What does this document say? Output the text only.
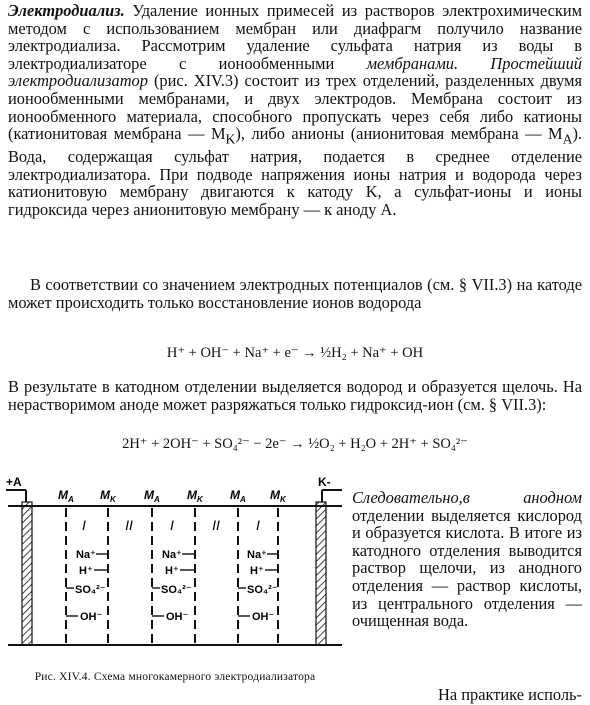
Электродиализ. Удаление ионных примесей из растворов электрохимическим методом с использованием мембран или диафрагм получило название электродиализа. Рассмотрим удаление сульфата натрия из воды в электродиализаторе с ионообменными мембранами. Простейший электродиализатор (рис. XIV.3) состоит из трех отделений, разделенных двумя ионообменными мембранами, и двух электродов. Мембрана состоит из ионообменного материала, способного пропускать через себя либо катионы (катионитовая мембрана — $M_K$), либо анионы (анионитовая мембрана — $M_A$). Вода, содержащая сульфат натрия, подается в среднее отделение электродиализатора. При подводе напряжения ионы натрия и водорода через катионитовую мембрану двигаются к катоду K, а сульфат-ионы и ионы гидроксида через анионитовую мембрану — к аноду A.

В соответствии со значением электродных потенциалов (см. § VII.3) на катоде может происходить только восстановление ионов водорода

H⁺ + OH⁻ + Na⁺ + e⁻ → ½H₂ + Na⁺ + OH

В результате в катодном отделении выделяется водород и образуется щелочь. На нерастворимом аноде может разряжаться только гидроксид-ион (см. § VII.3):

2H⁺ + 2OH⁻ + SO₄²⁻ − 2e⁻ → ½O₂ + H₂O + 2H⁺ + SO₄²⁻
+A	K-
$M_A$ $M_K$ $M_A$ $M_K$ $M_A$ $M_K$
I	II	I	II	I
Na⁺
H⁺
SO₄²⁻
OH⁻
Na⁺
H⁺
SO₄²⁻
OH⁻
Na⁺
H⁺
SO₄²⁻
OH⁻
Рис. XIV.4. Схема многокамерного электродиализатора

Следовательно,в анодном отделении выделяется кислород и образуется кислота. В итоге из катодного отделения выводится раствор щелочи, из анодного отделения — раствор кислоты, из центрального отделения — очищенная вода.

На практике исполь-
